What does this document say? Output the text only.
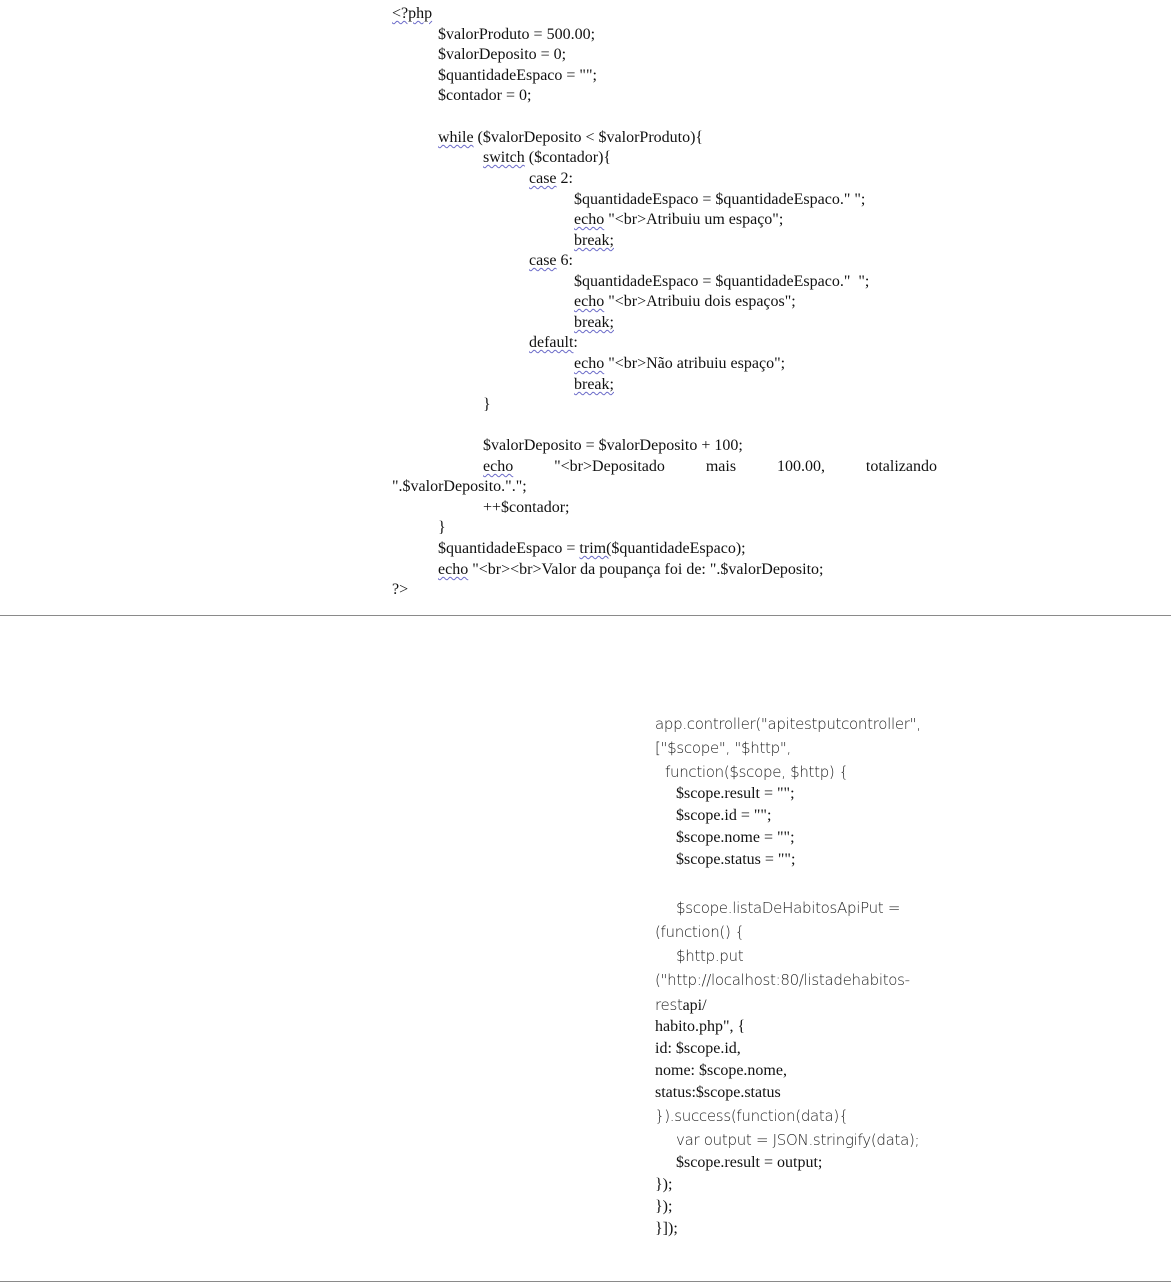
<?php
$valorProduto = 500.00;
$valorDeposito = 0;
$quantidadeEspaco = "";
$contador = 0;
while ($valorDeposito < $valorProduto){
switch ($contador){
case 2:
$quantidadeEspaco = $quantidadeEspaco." ";
echo "<br>Atribuiu um espaço";
break;
case 6:
$quantidadeEspaco = $quantidadeEspaco."  ";
echo "<br>Atribuiu dois espaços";
break;
default:
echo "<br>Não atribuiu espaço";
break;
}
$valorDeposito = $valorDeposito + 100;
echo	"<br>Depositado	mais	100.00,	totalizando
".$valorDeposito.".";
++$contador;
}
$quantidadeEspaco = trim($quantidadeEspaco);
echo "<br><br>Valor da poupança foi de: ".$valorDeposito;
?>
app.controller("apitestputcontroller",
["$scope", "$http",
function($scope, $http) {
$scope.result = "";
$scope.id = "";
$scope.nome = "";
$scope.status = "";
$scope.listaDeHabitosApiPut =
(function() {
$http.put
("http://localhost:80/listadehabitos-
restapi/
habito.php", {
id: $scope.id,
nome: $scope.nome,
status:$scope.status
}).success(function(data){
var output = JSON.stringify(data);
$scope.result = output;
});
});
}]);
